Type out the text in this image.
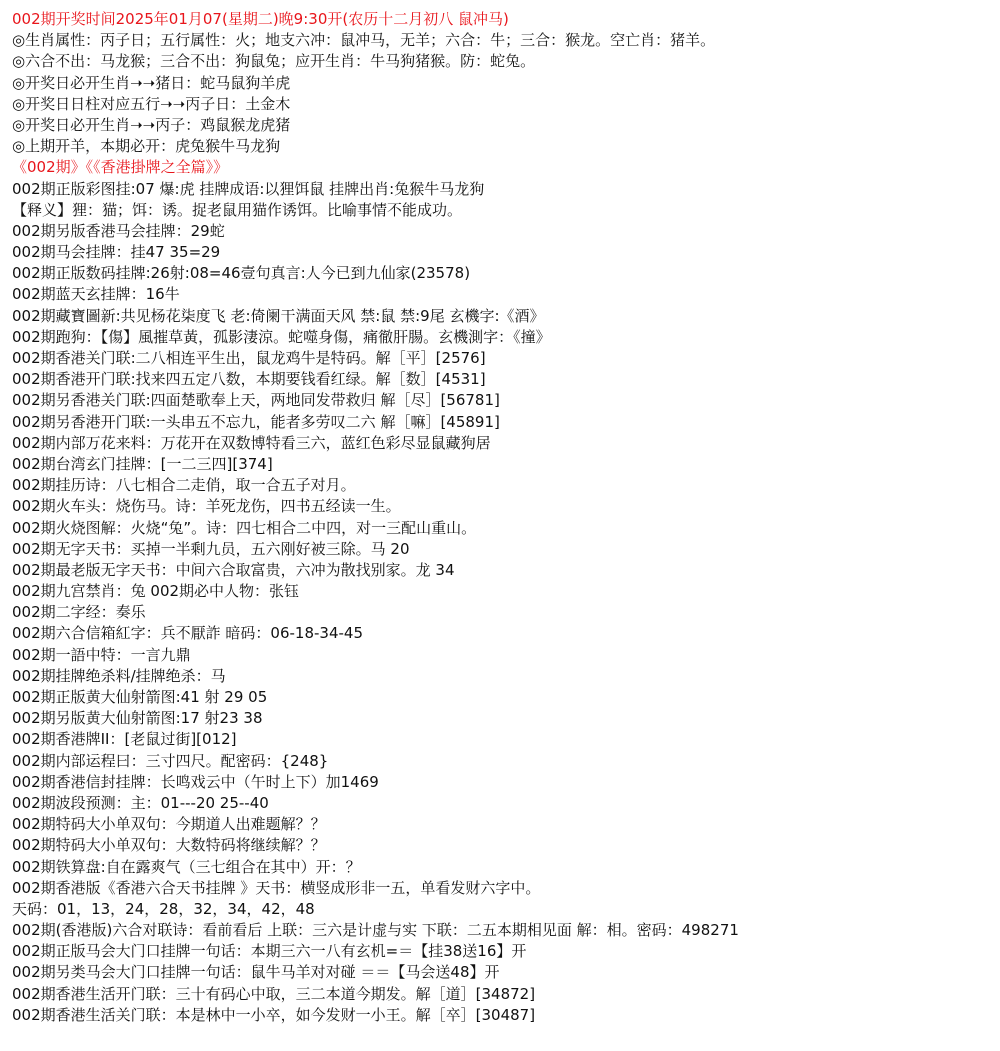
002期开奖时间2025年01月07(星期二)晚9:30开(农历十二月初八 鼠冲马)
◎生肖属性：丙子日；五行属性：火；地支六冲：鼠冲马，无羊；六合：牛；三合：猴龙。空亡肖：猪羊。
◎六合不出：马龙猴；三合不出：狗鼠兔；应开生肖：牛马狗猪猴。防：蛇兔。
◎开奖日必开生肖➝➝猪日：蛇马鼠狗羊虎
◎开奖日日柱对应五行➝➝丙子日：土金木
◎开奖日必开生肖➝➝丙子：鸡鼠猴龙虎猪
◎上期开羊，本期必开：虎兔猴牛马龙狗
《002期》《《香港掛牌之全篇》》
002期正版彩图挂:07 爆:虎 挂牌成语:以狸饵鼠 挂牌出肖:兔猴牛马龙狗
【释义】狸：猫；饵：诱。捉老鼠用猫作诱饵。比喻事情不能成功。
002期另版香港马会挂牌：29蛇
002期马会挂牌：挂47 35=29
002期正版数码挂牌:26射:08=46壹句真言:人今已到九仙家(23578)
002期蓝天玄挂牌：16牛
002期藏寶圖新:共见杨花柒度飞 老:倚阑干满面天风 禁:鼠 禁:9尾 玄機字:《酒》
002期跑狗：【傷】風摧草黃，孤影淒涼。蛇噬身傷，痛徹肝腸。玄機測字：《撞》
002期香港关门联:二八相连平生出，鼠龙鸡牛是特码。解［平］[2576]
002期香港开门联:找来四五定八数，本期要钱看红绿。解［数］[4531]
002期另香港关门联:四面楚歌奉上天，两地同发带救归 解［尽］[56781]
002期另香港开门联:一头串五不忘九，能者多劳叹二六 解［嘛］[45891]
002期内部万花来料：万花开在双数博特看三六，蓝红色彩尽显鼠藏狗居
002期台湾玄门挂牌：[一二三四][374]
002期挂历诗：八七相合二走俏，取一合五子对月。
002期火车头：烧伤马。诗：羊死龙伤，四书五经读一生。
002期火烧图解：火烧“兔”。诗：四七相合二中四，对一三配山重山。
002期无字天书：买掉一半剩九员，五六刚好被三除。马 20
002期最老版无字天书：中间六合取富贵，六冲为散找别家。龙 34
002期九宫禁肖：兔 002期必中人物：张钰
002期二字经：奏乐
002期六合信箱紅字：兵不厭詐 暗码：06-18-34-45
002期一語中特：一言九鼎
002期挂牌绝杀料/挂牌绝杀：马
002期正版黄大仙射箭图:41 射 29 05
002期另版黄大仙射箭图:17 射23 38
002期香港牌II：[老鼠过街][012]
002期内部运程曰：三寸四尺。配密码：{248}
002期香港信封挂牌：长鸣戏云中（午时上下）加1469
002期波段预测：主：01---20 25--40
002期特码大小单双句：今期道人出难题解？？
002期特码大小单双句：大数特码将继续解？？
002期铁算盘:自在露爽气（三七组合在其中）开：？
002期香港版《香港六合天书挂牌 》天书：横竖成形非一五，单看发财六字中。
天码：01，13，24，28，32，34，42，48
002期(香港版)六合对联诗：看前看后 上联：三六是计虚与实 下联：二五本期相见面 解：相。密码：498271
002期正版马会大门口挂牌一句话：本期三六一八有玄机=＝【挂38送16】开
002期另类马会大门口挂牌一句话：鼠牛马羊对对碰 ＝＝【马会送48】开
002期香港生活开门联：三十有码心中取，三二本道今期发。解［道］[34872]
002期香港生活关门联：本是林中一小卒，如今发财一小王。解［卒］[30487]
